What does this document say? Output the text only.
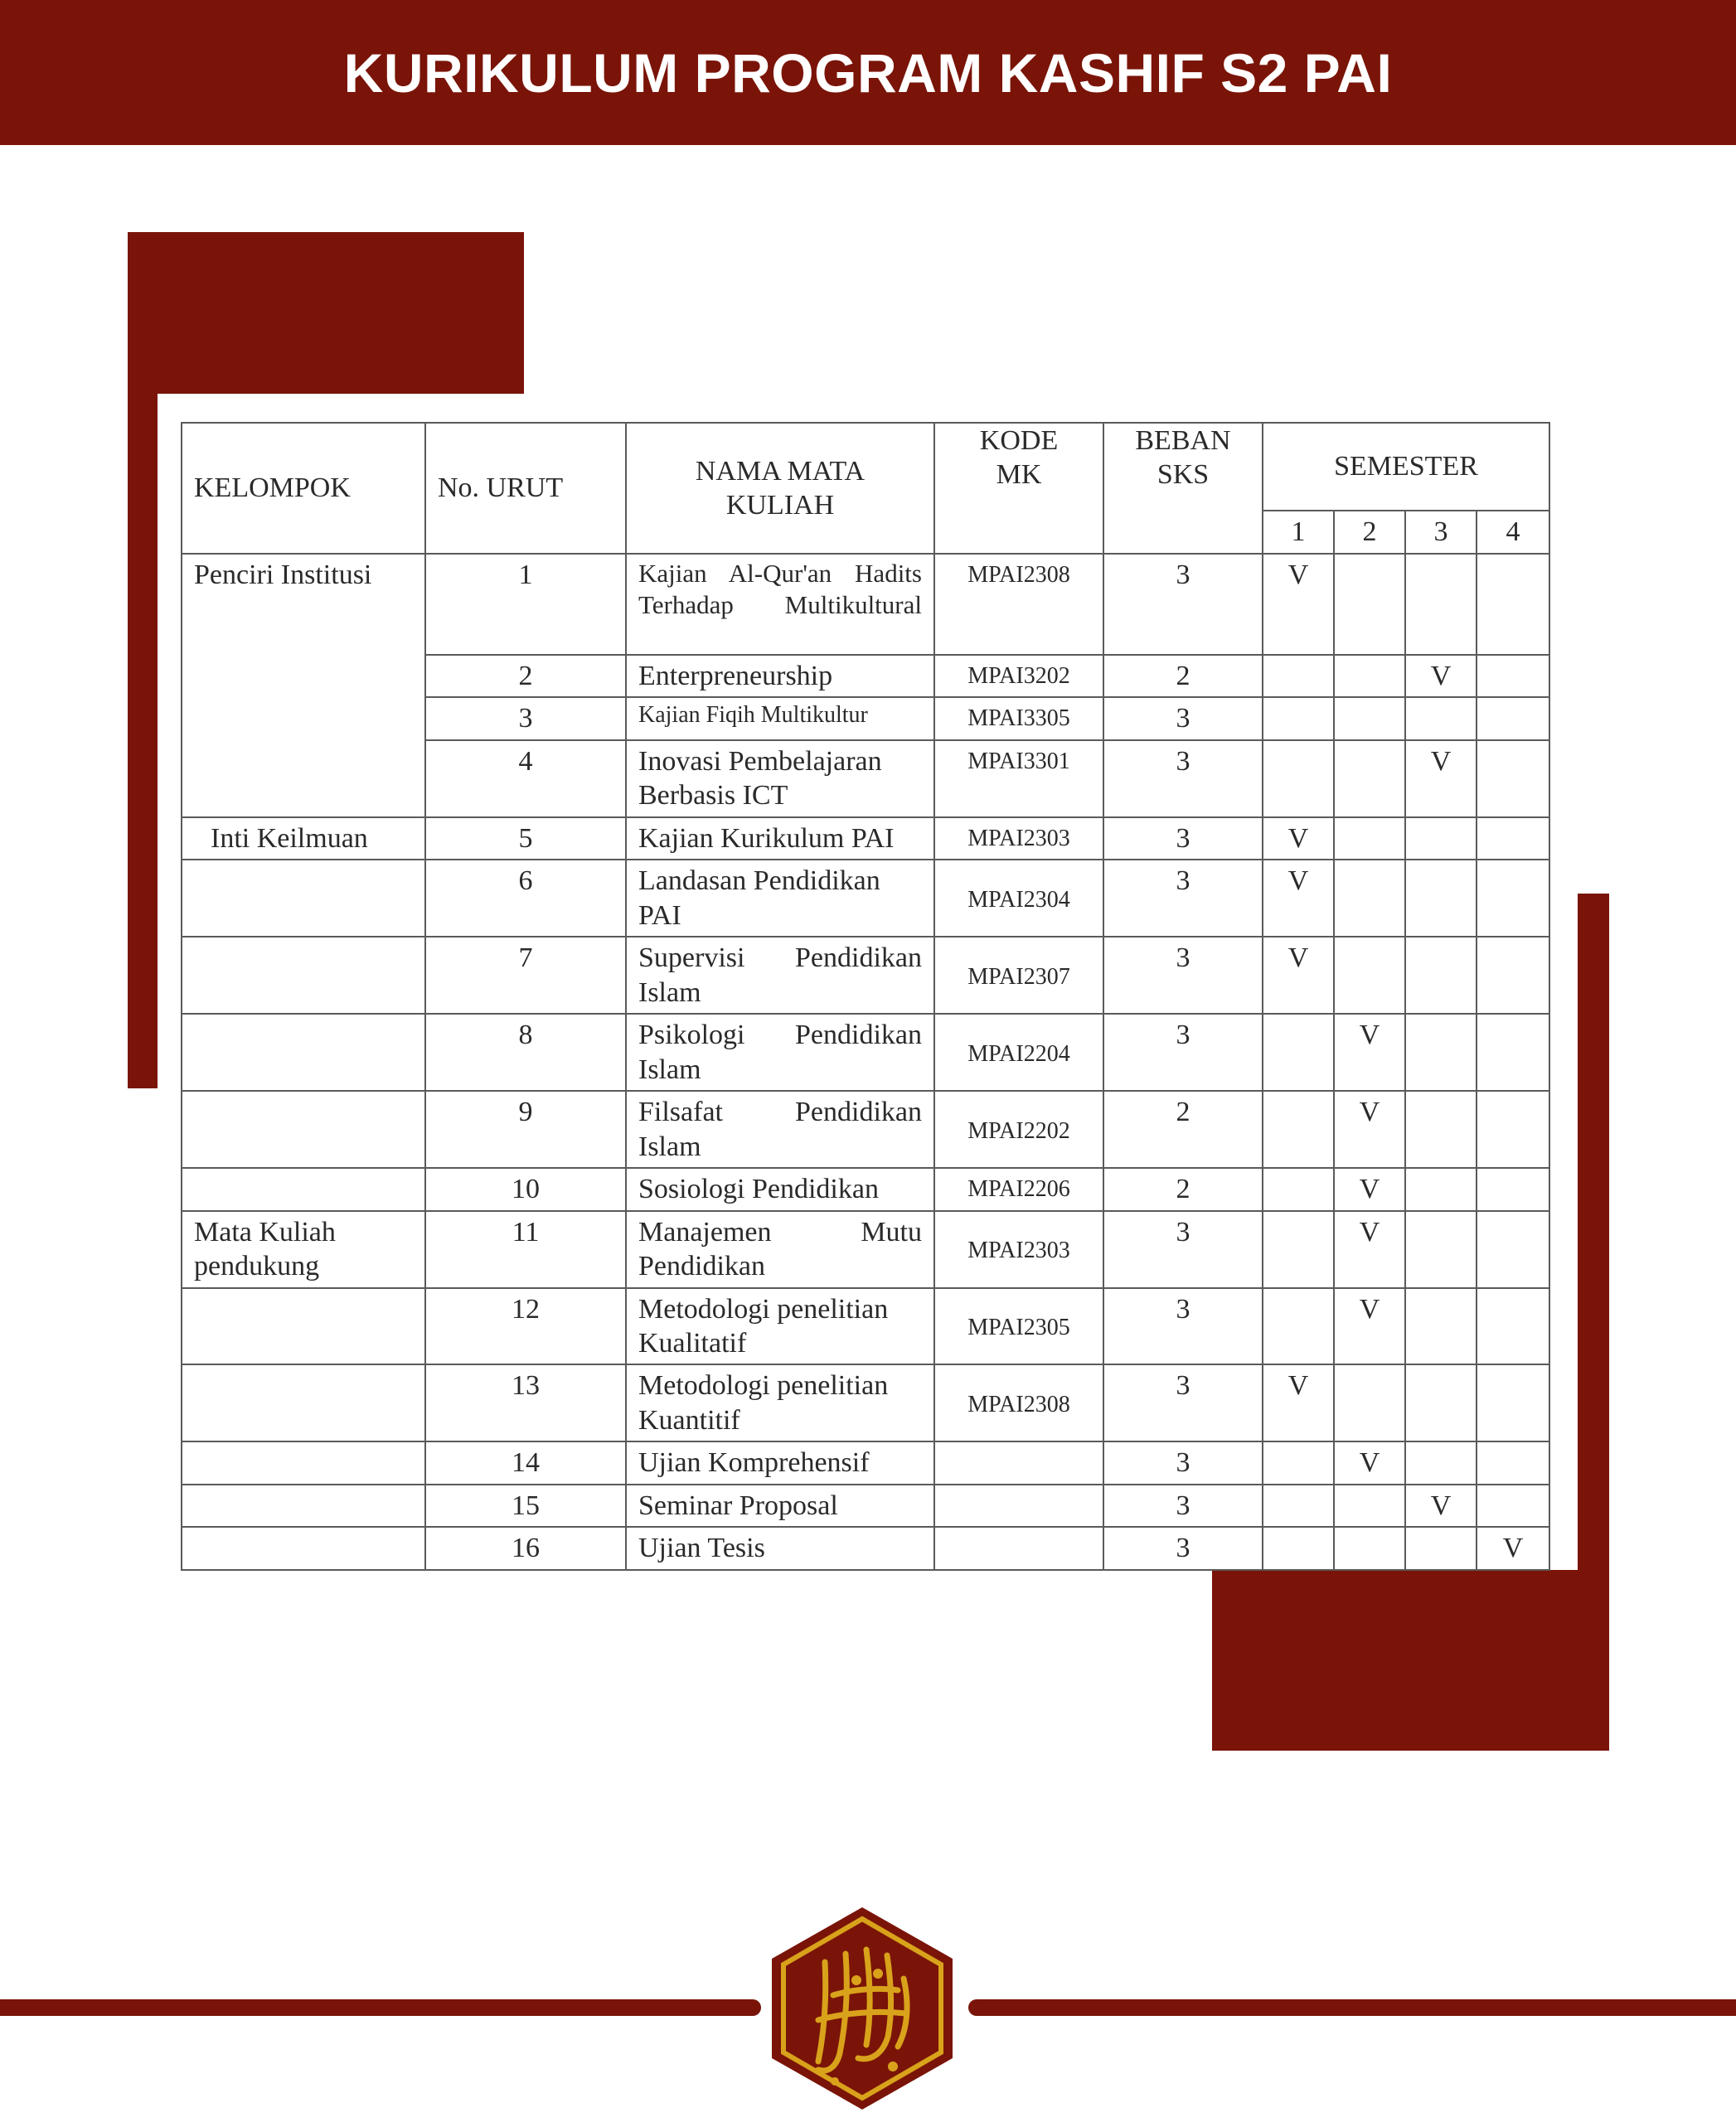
KURIKULUM PROGRAM KASHIF S2 PAI
KELOMPOK	No. URUT	NAMA MATA KULIAH	KODE MK	BEBAN SKS	SEMESTER			
					1	2	3	4
Penciri Institusi	1	Kajian Al-Qur'an Hadits Terhadap Multikultural	MPAI2308	3	V			
	2	Enterpreneurship	MPAI3202	2			V	
	3	Kajian Fiqih Multikultur	MPAI3305	3				
	4	Inovasi Pembelajaran Berbasis ICT	MPAI3301	3			V	
Inti Keilmuan	5	Kajian Kurikulum PAI	MPAI2303	3	V			
	6	Landasan Pendidikan PAI	MPAI2304	3	V			
	7	Supervisi Pendidikan Islam	MPAI2307	3	V			
	8	Psikologi Pendidikan Islam	MPAI2204	3		V		
	9	Filsafat Pendidikan Islam	MPAI2202	2		V		
	10	Sosiologi Pendidikan	MPAI2206	2		V		
Mata Kuliah pendukung	11	Manajemen Mutu Pendidikan	MPAI2303	3		V		
	12	Metodologi penelitian Kualitatif	MPAI2305	3		V		
	13	Metodologi penelitian Kuantitif	MPAI2308	3	V			
	14	Ujian Komprehensif		3		V		
	15	Seminar Proposal		3			V	
	16	Ujian Tesis		3				V
